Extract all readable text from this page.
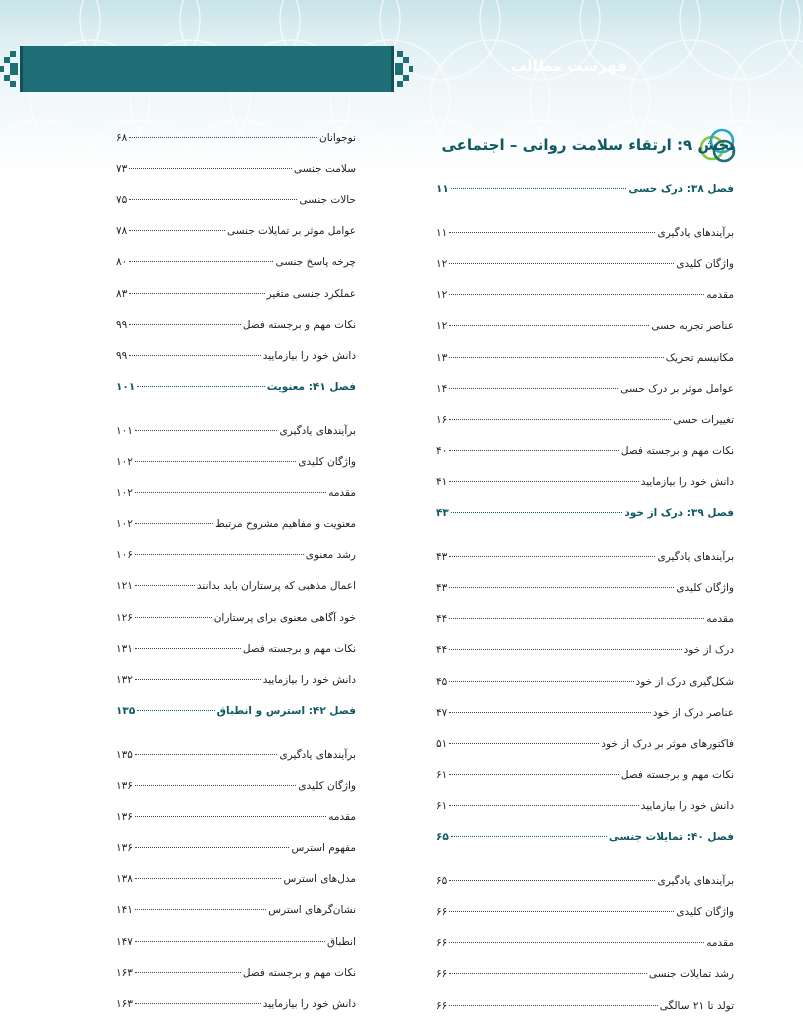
فهرست مطالب
بخش ۹: ارتقاء سلامت روانی – اجتماعی
فصل ۳۸: درک حسی
۱۱
برآیندهای یادگیری
۱۱
واژگان کلیدی
۱۲
مقدمه
۱۲
عناصر تجربه حسی
۱۲
مکانیسم تحریک
۱۳
عوامل موثر بر درک حسی
۱۴
تغییرات حسی
۱۶
نکات مهم و برجسته فصل
۴۰
دانش خود را بیازمایید
۴۱
فصل ۳۹: درک از خود
۴۳
برآیندهای یادگیری
۴۳
واژگان کلیدی
۴۳
مقدمه
۴۴
درک از خود
۴۴
شکل‌گیری درک از خود
۴۵
عناصر درک از خود
۴۷
فاکتورهای موثر بر درک از خود
۵۱
نکات مهم و برجسته فصل
۶۱
دانش خود را بیازمایید
۶۱
فصل ۴۰: تمایلات جنسی
۶۵
برآیندهای یادگیری
۶۵
واژگان کلیدی
۶۶
مقدمه
۶۶
رشد تمایلات جنسی
۶۶
تولد تا ۲۱ سالگی
۶۶
نوجوانان
۶۸
سلامت جنسی
۷۳
حالات جنسی
۷۵
عوامل موثر بر تمایلات جنسی
۷۸
چرخه پاسخ جنسی
۸۰
عملکرد جنسی متغیر
۸۳
نکات مهم و برجسته فصل
۹۹
دانش خود را بیازمایید
۹۹
فصل ۴۱: معنویت
۱۰۱
برآیندهای یادگیری
۱۰۱
واژگان کلیدی
۱۰۲
مقدمه
۱۰۲
معنویت و مفاهیم مشروح مرتبط
۱۰۲
رشد معنوی
۱۰۶
اعمال مذهبی که پرستاران باید بدانند
۱۲۱
خود آگاهی معنوی برای پرستاران
۱۲۶
نکات مهم و برجسته فصل
۱۳۱
دانش خود را بیازمایید
۱۳۲
فصل ۴۲: استرس و انطباق
۱۳۵
برآیندهای یادگیری
۱۳۵
واژگان کلیدی
۱۳۶
مقدمه
۱۳۶
مفهوم استرس
۱۳۶
مدل‌های استرس
۱۳۸
نشان‌گرهای استرس
۱۴۱
انطباق
۱۴۷
نکات مهم و برجسته فصل
۱۶۳
دانش خود را بیازمایید
۱۶۳
